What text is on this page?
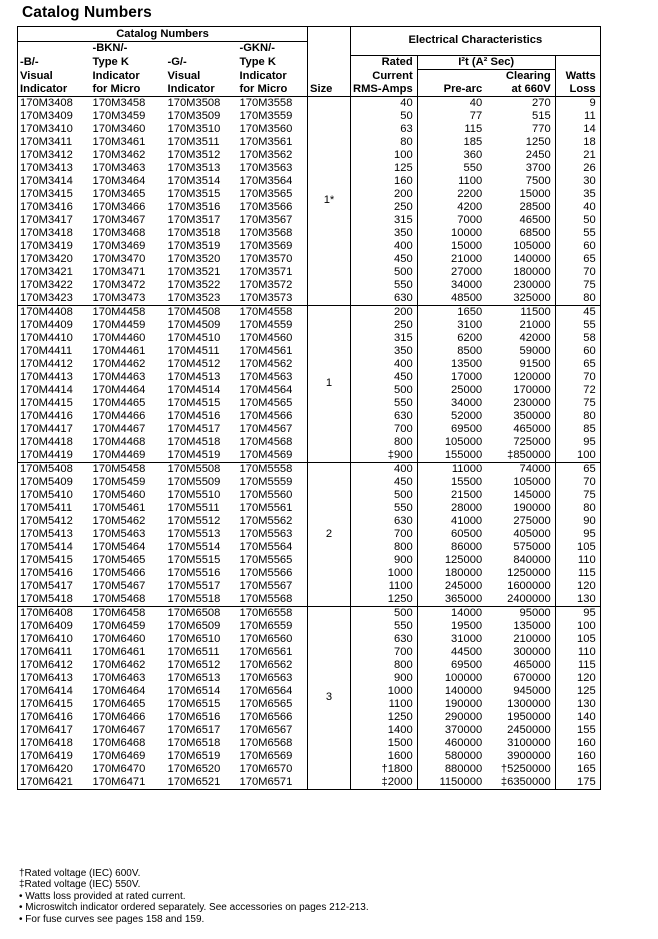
Catalog Numbers
Catalog Numbers					Electrical Characteristics			
	-BKN/-		-GKN/-					
-B/-	Type K	-G/-	Type K		Rated	I²t (A² Sec)		
Visual	Indicator	Visual	Indicator		Current		Clearing	Watts
Indicator	for Micro	Indicator	for Micro	Size	RMS-Amps	Pre-arc	at 660V	Loss
170M3408	170M3458	170M3508	170M3558	1*	40	40	270	9
170M3409	170M3459	170M3509	170M3559		50	77	515	11
170M3410	170M3460	170M3510	170M3560		63	115	770	14
170M3411	170M3461	170M3511	170M3561		80	185	1250	18
170M3412	170M3462	170M3512	170M3562		100	360	2450	21
170M3413	170M3463	170M3513	170M3563		125	550	3700	26
170M3414	170M3464	170M3514	170M3564		160	1100	7500	30
170M3415	170M3465	170M3515	170M3565		200	2200	15000	35
170M3416	170M3466	170M3516	170M3566		250	4200	28500	40
170M3417	170M3467	170M3517	170M3567		315	7000	46500	50
170M3418	170M3468	170M3518	170M3568		350	10000	68500	55
170M3419	170M3469	170M3519	170M3569		400	15000	105000	60
170M3420	170M3470	170M3520	170M3570		450	21000	140000	65
170M3421	170M3471	170M3521	170M3571		500	27000	180000	70
170M3422	170M3472	170M3522	170M3572		550	34000	230000	75
170M3423	170M3473	170M3523	170M3573		630	48500	325000	80
170M4408	170M4458	170M4508	170M4558	1	200	1650	11500	45
170M4409	170M4459	170M4509	170M4559		250	3100	21000	55
170M4410	170M4460	170M4510	170M4560		315	6200	42000	58
170M4411	170M4461	170M4511	170M4561		350	8500	59000	60
170M4412	170M4462	170M4512	170M4562		400	13500	91500	65
170M4413	170M4463	170M4513	170M4563		450	17000	120000	70
170M4414	170M4464	170M4514	170M4564		500	25000	170000	72
170M4415	170M4465	170M4515	170M4565		550	34000	230000	75
170M4416	170M4466	170M4516	170M4566		630	52000	350000	80
170M4417	170M4467	170M4517	170M4567		700	69500	465000	85
170M4418	170M4468	170M4518	170M4568		800	105000	725000	95
170M4419	170M4469	170M4519	170M4569		‡900	155000	‡850000	100
170M5408	170M5458	170M5508	170M5558	2	400	11000	74000	65
170M5409	170M5459	170M5509	170M5559		450	15500	105000	70
170M5410	170M5460	170M5510	170M5560		500	21500	145000	75
170M5411	170M5461	170M5511	170M5561		550	28000	190000	80
170M5412	170M5462	170M5512	170M5562		630	41000	275000	90
170M5413	170M5463	170M5513	170M5563		700	60500	405000	95
170M5414	170M5464	170M5514	170M5564		800	86000	575000	105
170M5415	170M5465	170M5515	170M5565		900	125000	840000	110
170M5416	170M5466	170M5516	170M5566		1000	180000	1250000	115
170M5417	170M5467	170M5517	170M5567		1100	245000	1600000	120
170M5418	170M5468	170M5518	170M5568		1250	365000	2400000	130
170M6408	170M6458	170M6508	170M6558	3	500	14000	95000	95
170M6409	170M6459	170M6509	170M6559		550	19500	135000	100
170M6410	170M6460	170M6510	170M6560		630	31000	210000	105
170M6411	170M6461	170M6511	170M6561		700	44500	300000	110
170M6412	170M6462	170M6512	170M6562		800	69500	465000	115
170M6413	170M6463	170M6513	170M6563		900	100000	670000	120
170M6414	170M6464	170M6514	170M6564		1000	140000	945000	125
170M6415	170M6465	170M6515	170M6565		1100	190000	1300000	130
170M6416	170M6466	170M6516	170M6566		1250	290000	1950000	140
170M6417	170M6467	170M6517	170M6567		1400	370000	2450000	155
170M6418	170M6468	170M6518	170M6568		1500	460000	3100000	160
170M6419	170M6469	170M6519	170M6569		1600	580000	3900000	160
170M6420	170M6470	170M6520	170M6570		†1800	880000	†5250000	165
170M6421	170M6471	170M6521	170M6571		‡2000	1150000	‡6350000	175
†Rated voltage (IEC) 600V.
‡Rated voltage (IEC) 550V.
• Watts loss provided at rated current.
• Microswitch indicator ordered separately. See accessories on pages 212-213.
• For fuse curves see pages 158 and 159.
